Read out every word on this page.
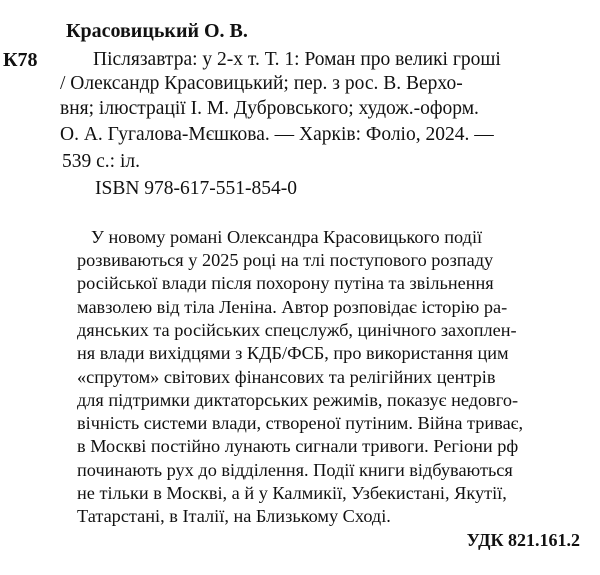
Красовицький О. В.
К78	Післязавтра: у 2-х т. Т. 1: Роман про великі гроші
/ Олександр Красовицький; пер. з рос. В. Верхо-
вня; ілюстрації І. М. Дубровського; худож.-оформ.
О. А. Гугалова-Мєшкова. — Харків: Фоліо, 2024. —
539 с.: іл.
ISBN 978-617-551-854-0
У новому романі Олександра Красовицького події
розвиваються у 2025 році на тлі поступового розпаду
російської влади після похорону путіна та звільнення
мавзолею від тіла Леніна. Автор розповідає історію ра-
дянських та російських спецслужб, цинічного захоплен-
ня влади вихідцями з КДБ/ФСБ, про використання цим
«спрутом» світових фінансових та релігійних центрів
для підтримки диктаторських режимів, показує недовго-
вічність системи влади, створеної путіним. Війна триває,
в Москві постійно лунають сигнали тривоги. Регіони рф
починають рух до відділення. Події книги відбуваються
не тільки в Москві, а й у Калмикії, Узбекистані, Якутії,
Татарстані, в Італії, на Близькому Сході.
УДК 821.161.2
